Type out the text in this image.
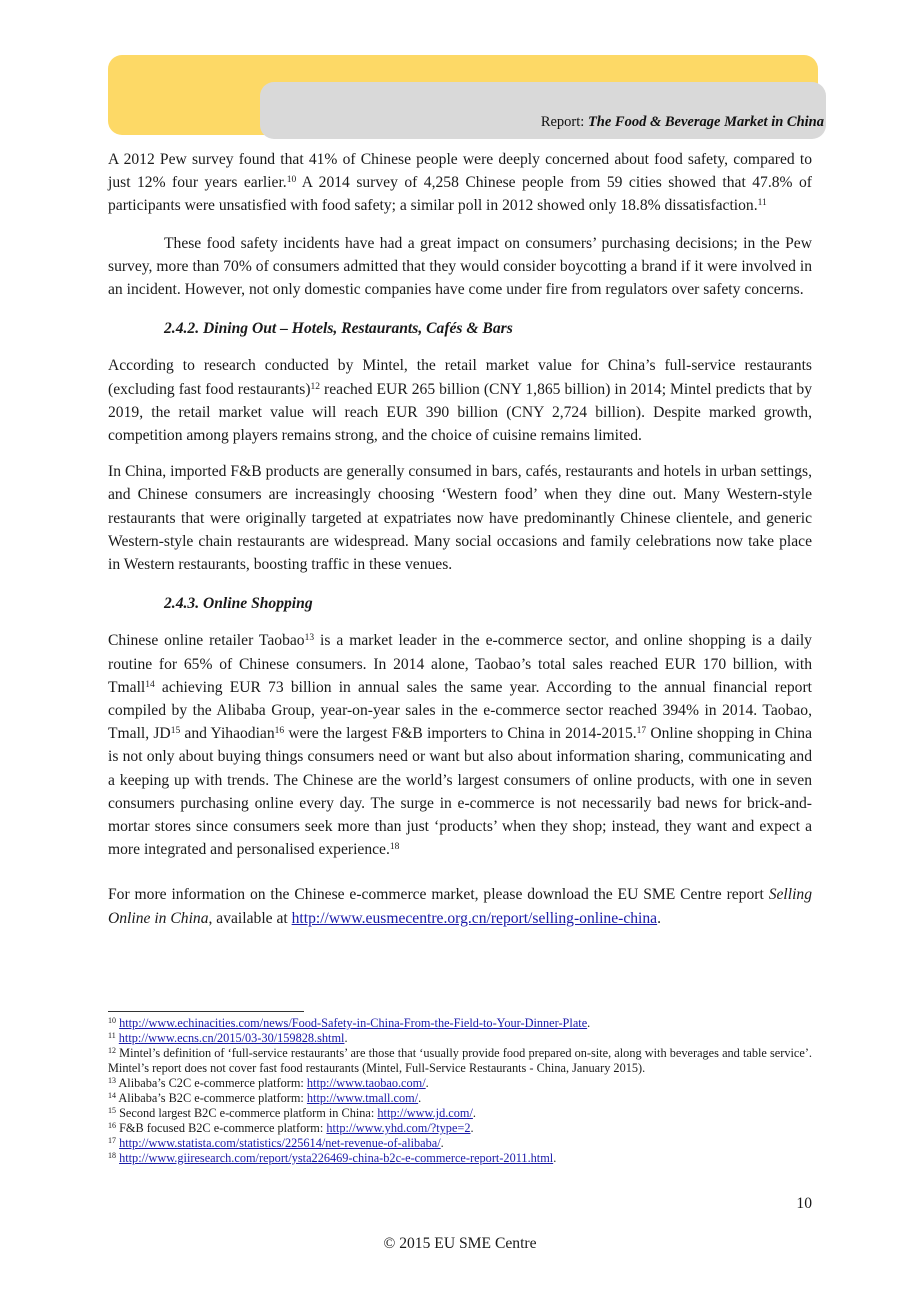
Report: The Food & Beverage Market in China

A 2012 Pew survey found that 41% of Chinese people were deeply concerned about food safety, compared to just 12% four years earlier.$^{10}$ A 2014 survey of 4,258 Chinese people from 59 cities showed that 47.8% of participants were unsatisfied with food safety; a similar poll in 2012 showed only 18.8% dissatisfaction.$^{11}$

These food safety incidents have had a great impact on consumers’ purchasing decisions; in the Pew survey, more than 70% of consumers admitted that they would consider boycotting a brand if it were involved in an incident. However, not only domestic companies have come under fire from regulators over safety concerns.

2.4.2. Dining Out – Hotels, Restaurants, Cafés & Bars

According to research conducted by Mintel, the retail market value for China’s full-service restaurants (excluding fast food restaurants)$^{12}$ reached EUR 265 billion (CNY 1,865 billion) in 2014; Mintel predicts that by 2019, the retail market value will reach EUR 390 billion (CNY 2,724 billion). Despite marked growth, competition among players remains strong, and the choice of cuisine remains limited.

In China, imported F&B products are generally consumed in bars, cafés, restaurants and hotels in urban settings, and Chinese consumers are increasingly choosing ‘Western food’ when they dine out. Many Western-style restaurants that were originally targeted at expatriates now have predominantly Chinese clientele, and generic Western-style chain restaurants are widespread. Many social occasions and family celebrations now take place in Western restaurants, boosting traffic in these venues.

2.4.3. Online Shopping

Chinese online retailer Taobao$^{13}$ is a market leader in the e-commerce sector, and online shopping is a daily routine for 65% of Chinese consumers. In 2014 alone, Taobao’s total sales reached EUR 170 billion, with Tmall$^{14}$ achieving EUR 73 billion in annual sales the same year. According to the annual financial report compiled by the Alibaba Group, year-on-year sales in the e-commerce sector reached 394% in 2014. Taobao, Tmall, JD$^{15}$ and Yihaodian$^{16}$ were the largest F&B importers to China in 2014-2015.17 Online shopping in China is not only about buying things consumers need or want but also about information sharing, communicating and a keeping up with trends. The Chinese are the world’s largest consumers of online products, with one in seven consumers purchasing online every day. The surge in e-commerce is not necessarily bad news for brick-and-mortar stores since consumers seek more than just ‘products’ when they shop; instead, they want and expect a more integrated and personalised experience.$^{18}$

For more information on the Chinese e-commerce market, please download the EU SME Centre report Selling Online in China, available at http://www.eusmecentre.org.cn/report/selling-online-china.

$^{10}$ http://www.echinacities.com/news/Food-Safety-in-China-From-the-Field-to-Your-Dinner-Plate.

$^{11}$ http://www.ecns.cn/2015/03-30/159828.shtml.

$^{12}$ Mintel’s definition of ‘full-service restaurants’ are those that ‘usually provide food prepared on-site, along with beverages and table service’. Mintel’s report does not cover fast food restaurants (Mintel, Full-Service Restaurants - China, January 2015).

$^{13}$ Alibaba’s C2C e-commerce platform: http://www.taobao.com/.

$^{14}$ Alibaba’s B2C e-commerce platform: http://www.tmall.com/.

$^{15}$ Second largest B2C e-commerce platform in China: http://www.jd.com/.

$^{16}$ F&B focused B2C e-commerce platform: http://www.yhd.com/?type=2.

$^{17}$ http://www.statista.com/statistics/225614/net-revenue-of-alibaba/.

$^{18}$ http://www.giiresearch.com/report/ysta226469-china-b2c-e-commerce-report-2011.html.

10
© 2015 EU SME Centre
